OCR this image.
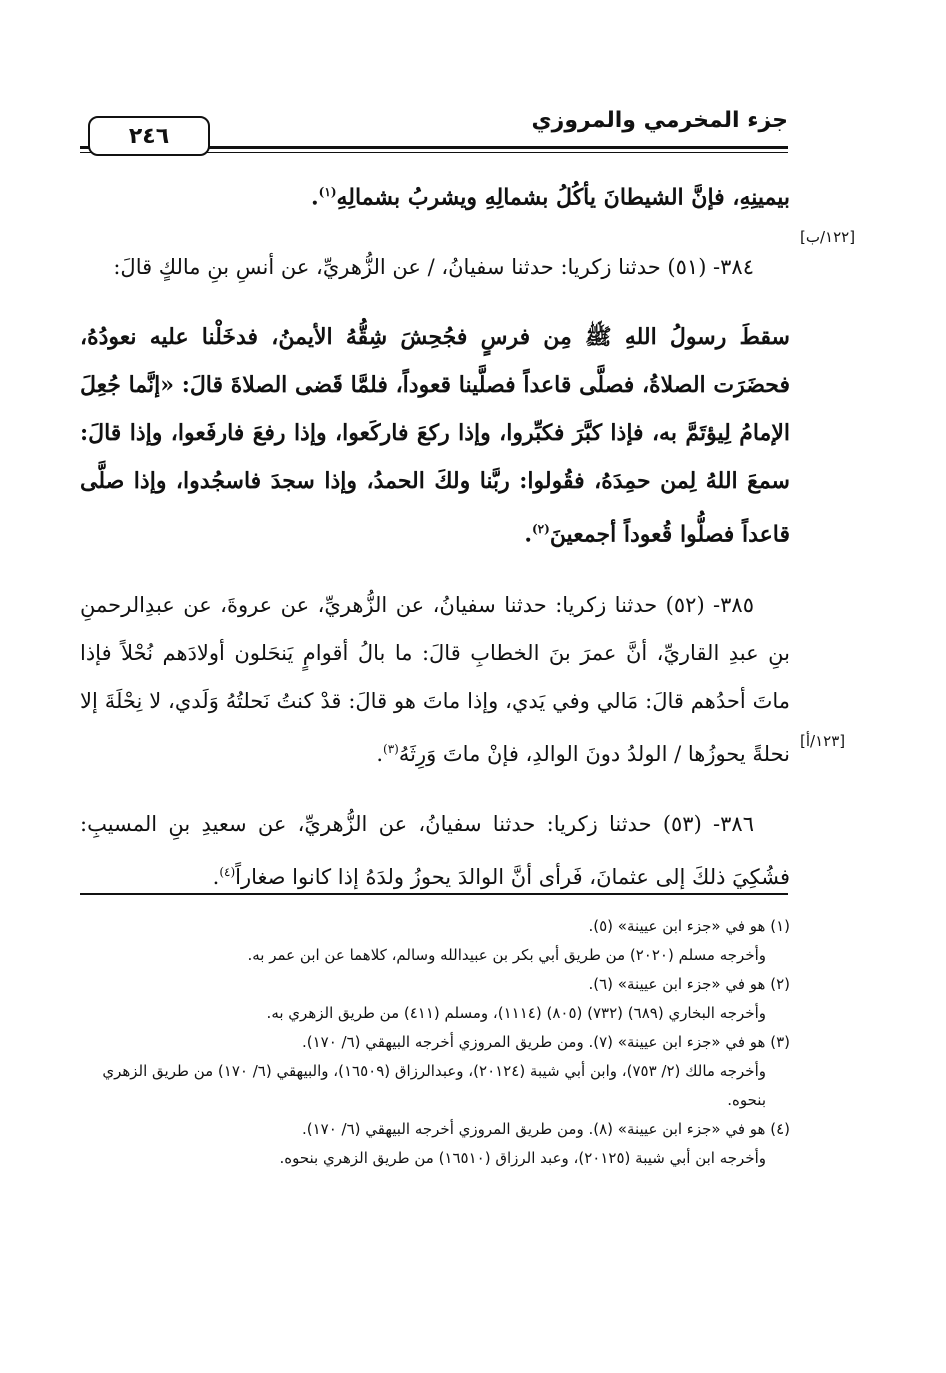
جزء المخرمي والمروزي
٢٤٦
[١٢٢/ب]
[١٢٣/أ]

بيمينِهِ، فإنَّ الشيطانَ يأكُلُ بشمالِهِ ويشربُ بشمالِهِ$^{(١)}$.

٣٨٤- (٥١) حدثنا زكريا: حدثنا سفيانُ، / عن الزُّهريِّ، عن أنسِ بنِ مالكٍ قالَ:

سقطَ رسولُ اللهِ ﷺ مِن فرسٍ فجُحِشَ شِقُّهُ الأيمنُ، فدخَلْنا عليه نعودُهُ، فحضَرَت الصلاةُ، فصلَّى قاعداً فصلَّينا قعوداً، فلمَّا قَضى الصلاةَ قالَ: «إنَّما جُعِلَ الإمامُ لِيؤتَمَّ به، فإذا كبَّرَ فكبِّروا، وإذا ركعَ فاركَعوا، وإذا رفعَ فارفَعوا، وإذا قالَ: سمعَ اللهُ لِمن حمِدَهُ، فقُولوا: ربَّنا ولكَ الحمدُ، وإذا سجدَ فاسجُدوا، وإذا صلَّى قاعداً فصلُّوا قُعوداً أجمعينَ$^{(٢)}$.

٣٨٥- (٥٢) حدثنا زكريا: حدثنا سفيانُ، عن الزُّهريِّ، عن عروةَ، عن عبدِالرحمنِ بنِ عبدِ القاريِّ، أنَّ عمرَ بنَ الخطابِ قالَ: ما بالُ أقوامٍ يَنحَلون أولادَهم نُحْلاً فإذا ماتَ أحدُهم قالَ: مَالي وفي يَدي، وإذا ماتَ هو قالَ: قدْ كنتُ نَحلتُهُ وَلَدي، لا نِحْلَةَ إلا نحلةً يحوزُها / الولدُ دونَ الوالدِ، فإنْ ماتَ وَرِثَهُ$^{(٣)}$.

٣٨٦- (٥٣) حدثنا زكريا: حدثنا سفيانُ، عن الزُّهريِّ، عن سعيدِ بنِ المسيبِ: فشُكِيَ ذلكَ إلى عثمانَ، فَرأى أنَّ الوالدَ يحوزُ ولدَهُ إذا كانوا صغاراً$^{(٤)}$.

(١) هو في «جزء ابن عيينة» (٥).

وأخرجه مسلم (٢٠٢٠) من طريق أبي بكر بن عبيدالله وسالم، كلاهما عن ابن عمر به.

(٢) هو في «جزء ابن عيينة» (٦).

وأخرجه البخاري (٦٨٩) (٧٣٢) (٨٠٥) (١١١٤)، ومسلم (٤١١) من طريق الزهري به.

(٣) هو في «جزء ابن عيينة» (٧). ومن طريق المروزي أخرجه البيهقي (٦/ ١٧٠).

وأخرجه مالك (٢/ ٧٥٣)، وابن أبي شيبة (٢٠١٢٤)، وعبدالرزاق (١٦٥٠٩)، والبيهقي (٦/ ١٧٠) من طريق الزهري بنحوه.

(٤) هو في «جزء ابن عيينة» (٨). ومن طريق المروزي أخرجه البيهقي (٦/ ١٧٠).

وأخرجه ابن أبي شيبة (٢٠١٢٥)، وعبد الرزاق (١٦٥١٠) من طريق الزهري بنحوه.
